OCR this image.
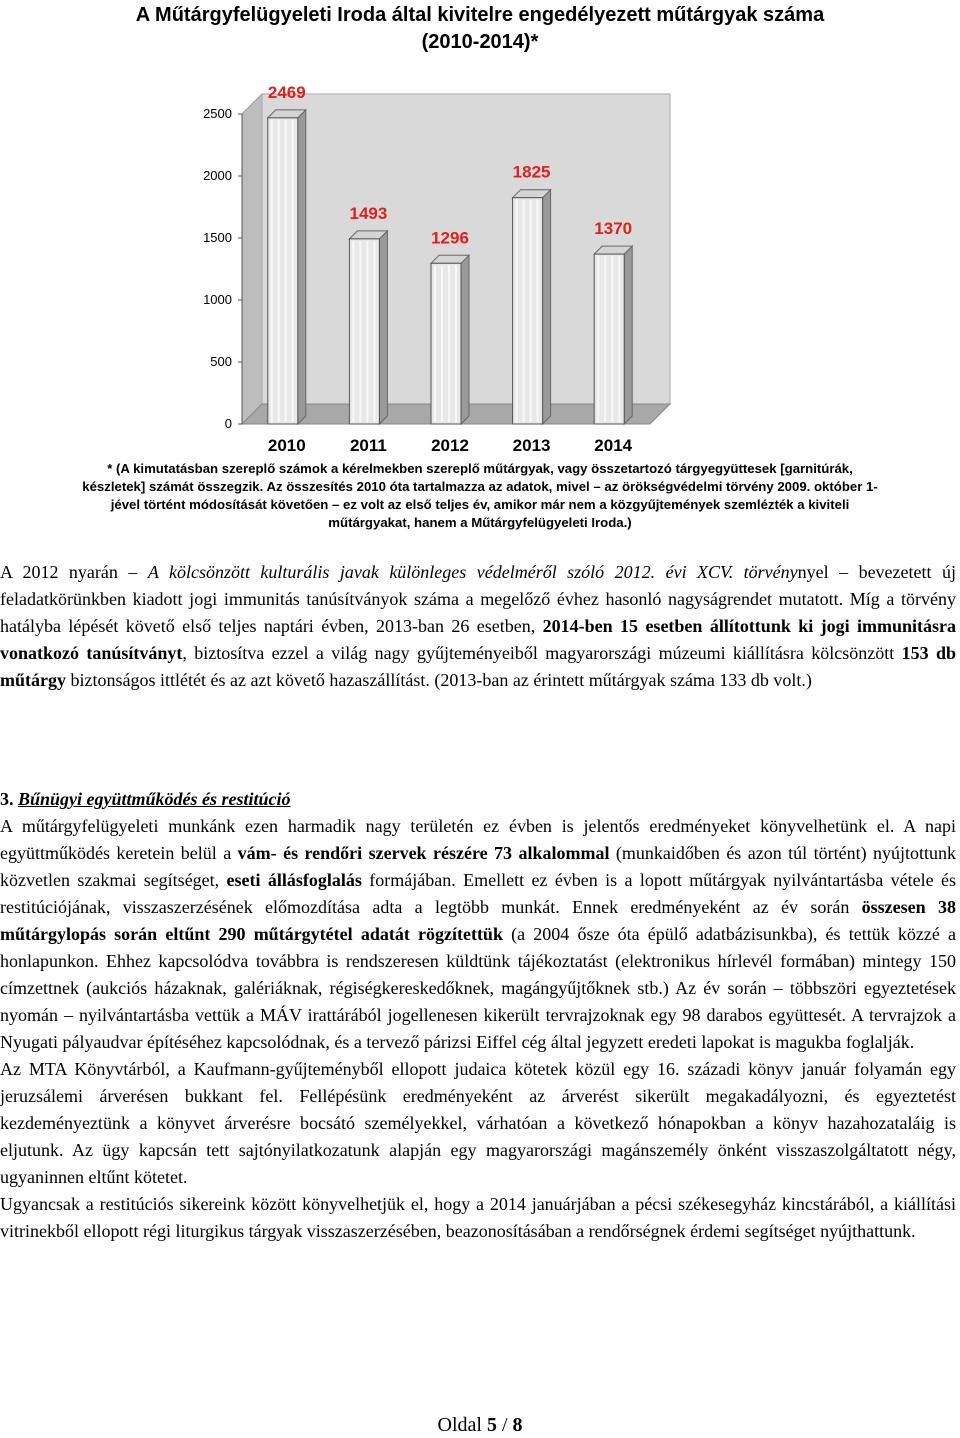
A Műtárgyfelügyeleti Iroda által kivitelre engedélyezett műtárgyak száma
(2010-2014)*
0
500
1000
1500
2000
2500
2010	2011	2012	2013	2014
2469
1493
1296
1825
1370
* (A kimutatásban szereplő számok a kérelmekben szereplő műtárgyak, vagy összetartozó tárgyegyüttesek [garnitúrák,
készletek] számát összegzik. Az összesítés 2010 óta tartalmazza az adatok, mivel – az örökségvédelmi törvény 2009. október 1-
jével történt módosítását követően – ez volt az első teljes év, amikor már nem a közgyűjtemények szemlézték a kiviteli
műtárgyakat, hanem a Műtárgyfelügyeleti Iroda.)

A 2012 nyarán – A kölcsönzött kulturális javak különleges védelméről szóló 2012. évi XCV. törvénynyel – bevezetett új feladatkörünkben kiadott jogi immunitás tanúsítványok száma a megelőző évhez hasonló nagyságrendet mutatott. Míg a törvény hatályba lépését követő első teljes naptári évben, 2013-ban 26 esetben, 2014-ben 15 esetben állítottunk ki jogi immunitásra vonatkozó tanúsítványt, biztosítva ezzel a világ nagy gyűjteményeiből magyarországi múzeumi kiállításra kölcsönzött 153 db műtárgy biztonságos ittlétét és az azt követő hazaszállítást. (2013-ban az érintett műtárgyak száma 133 db volt.)

3. Bűnügyi együttműködés és restitúció

A műtárgyfelügyeleti munkánk ezen harmadik nagy területén ez évben is jelentős eredményeket könyvelhetünk el. A napi együttműködés keretein belül a vám- és rendőri szervek részére 73 alkalommal (munkaidőben és azon túl történt) nyújtottunk közvetlen szakmai segítséget, eseti állásfoglalás formájában. Emellett ez évben is a lopott műtárgyak nyilvántartásba vétele és restitúciójának, visszaszerzésének előmozdítása adta a legtöbb munkát. Ennek eredményeként az év során összesen 38 műtárgylopás során eltűnt 290 műtárgytétel adatát rögzítettük (a 2004 ősze óta épülő adatbázisunkba), és tettük közzé a honlapunkon. Ehhez kapcsolódva továbbra is rendszeresen küldtünk tájékoztatást (elektronikus hírlevél formában) mintegy 150 címzettnek (aukciós házaknak, galériáknak, régiségkereskedőknek, magángyűjtőknek stb.) Az év során – többszöri egyeztetések nyomán – nyilvántartásba vettük a MÁV irattárából jogellenesen kikerült tervrajzoknak egy 98 darabos együttesét. A tervrajzok a Nyugati pályaudvar építéséhez kapcsolódnak, és a tervező párizsi Eiffel cég által jegyzett eredeti lapokat is magukba foglalják.

Az MTA Könyvtárból, a Kaufmann-gyűjteményből ellopott judaica kötetek közül egy 16. századi könyv január folyamán egy jeruzsálemi árverésen bukkant fel. Fellépésünk eredményeként az árverést sikerült megakadályozni, és egyeztetést kezdeményeztünk a könyvet árverésre bocsátó személyekkel, várhatóan a következő hónapokban a könyv hazahozataláig is eljutunk. Az ügy kapcsán tett sajtónyilatkozatunk alapján egy magyarországi magánszemély önként visszaszolgáltatott négy, ugyaninnen eltűnt kötetet.

Ugyancsak a restitúciós sikereink között könyvelhetjük el, hogy a 2014 januárjában a pécsi székesegyház kincstárából, a kiállítási vitrinekből ellopott régi liturgikus tárgyak visszaszerzésében, beazonosításában a rendőrségnek érdemi segítséget nyújthattunk.

Oldal 5 / 8
